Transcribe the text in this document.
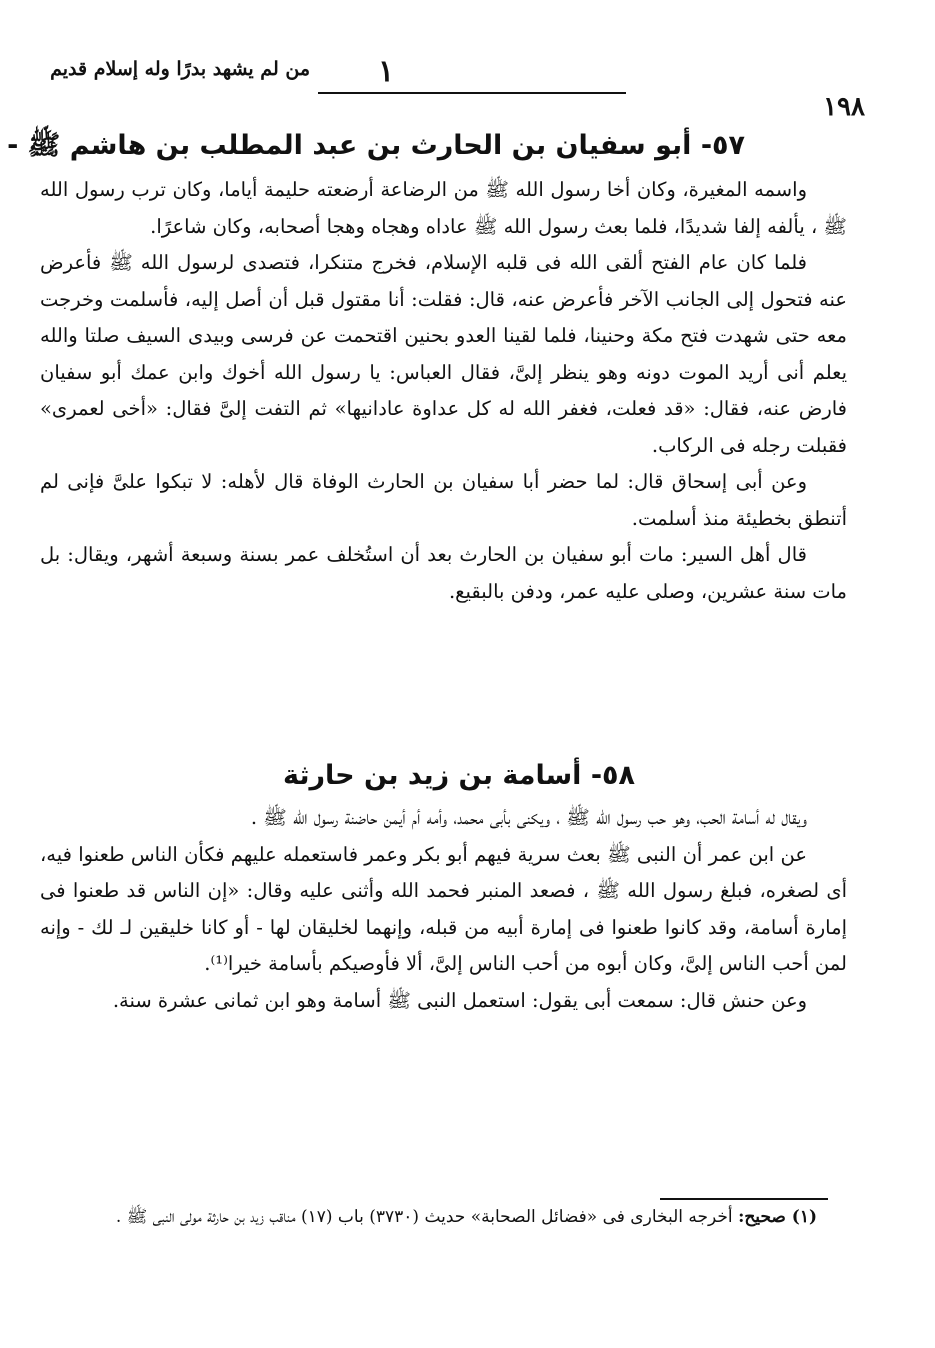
من لم يشهد بدرًا وله إسلام قديم ١
١٩٨
٥٧- أبو سفيان بن الحارث بن عبد المطلب بن هاشم ﷺ -

واسمه المغيرة، وكان أخا رسول الله ﷺ من الرضاعة أرضعته حليمة أياما، وكان ترب رسول الله ﷺ ، يألفه إلفا شديدًا، فلما بعث رسول الله ﷺ عاداه وهجاه وهجا أصحابه، وكان شاعرًا.

فلما كان عام الفتح ألقى الله فى قلبه الإسلام، فخرج متنكرا، فتصدى لرسول الله ﷺ فأعرض عنه فتحول إلى الجانب الآخر فأعرض عنه، قال: فقلت: أنا مقتول قبل أن أصل إليه، فأسلمت وخرجت معه حتى شهدت فتح مكة وحنينا، فلما لقينا العدو بحنين اقتحمت عن فرسى وبيدى السيف صلتا والله يعلم أنى أريد الموت دونه وهو ينظر إلىَّ، فقال العباس: يا رسول الله أخوك وابن عمك أبو سفيان فارض عنه، فقال: «قد فعلت، فغفر الله له كل عداوة عادانيها» ثم التفت إلىَّ فقال: «أخى لعمرى» فقبلت رجله فى الركاب.

وعن أبى إسحاق قال: لما حضر أبا سفيان بن الحارث الوفاة قال لأهله: لا تبكوا علىَّ فإنى لم أتنطق بخطيئة منذ أسلمت.

قال أهل السير: مات أبو سفيان بن الحارث بعد أن استُخلف عمر بسنة وسبعة أشهر، ويقال: بل مات سنة عشرين، وصلى عليه عمر، ودفن بالبقيع.

٥٨- أسامة بن زيد بن حارثة

ويقال له أسامة الحب، وهو حب رسول الله ﷺ ، ويكنى بأبى محمد، وأمه أم أيمن حاضنة رسول الله ﷺ .

عن ابن عمر أن النبى ﷺ بعث سرية فيهم أبو بكر وعمر فاستعمله عليهم فكأن الناس طعنوا فيه، أى لصغره، فبلغ رسول الله ﷺ ، فصعد المنبر فحمد الله وأثنى عليه وقال: «إن الناس قد طعنوا فى إمارة أسامة، وقد كانوا طعنوا فى إمارة أبيه من قبله، وإنهما لخليقان لها - أو كانا خليقين لـ لك - وإنه لمن أحب الناس إلىَّ، وكان أبوه من أحب الناس إلىَّ، ألا فأوصيكم بأسامة خيرا⁽¹⁾.

وعن حنش قال: سمعت أبى يقول: استعمل النبى ﷺ أسامة وهو ابن ثمانى عشرة سنة.

(١) صحيح: أخرجه البخارى فى «فضائل الصحابة» حديث (٣٧٣٠) باب (١٧) مناقب زيد بن حارثة مولى النبى ﷺ .
